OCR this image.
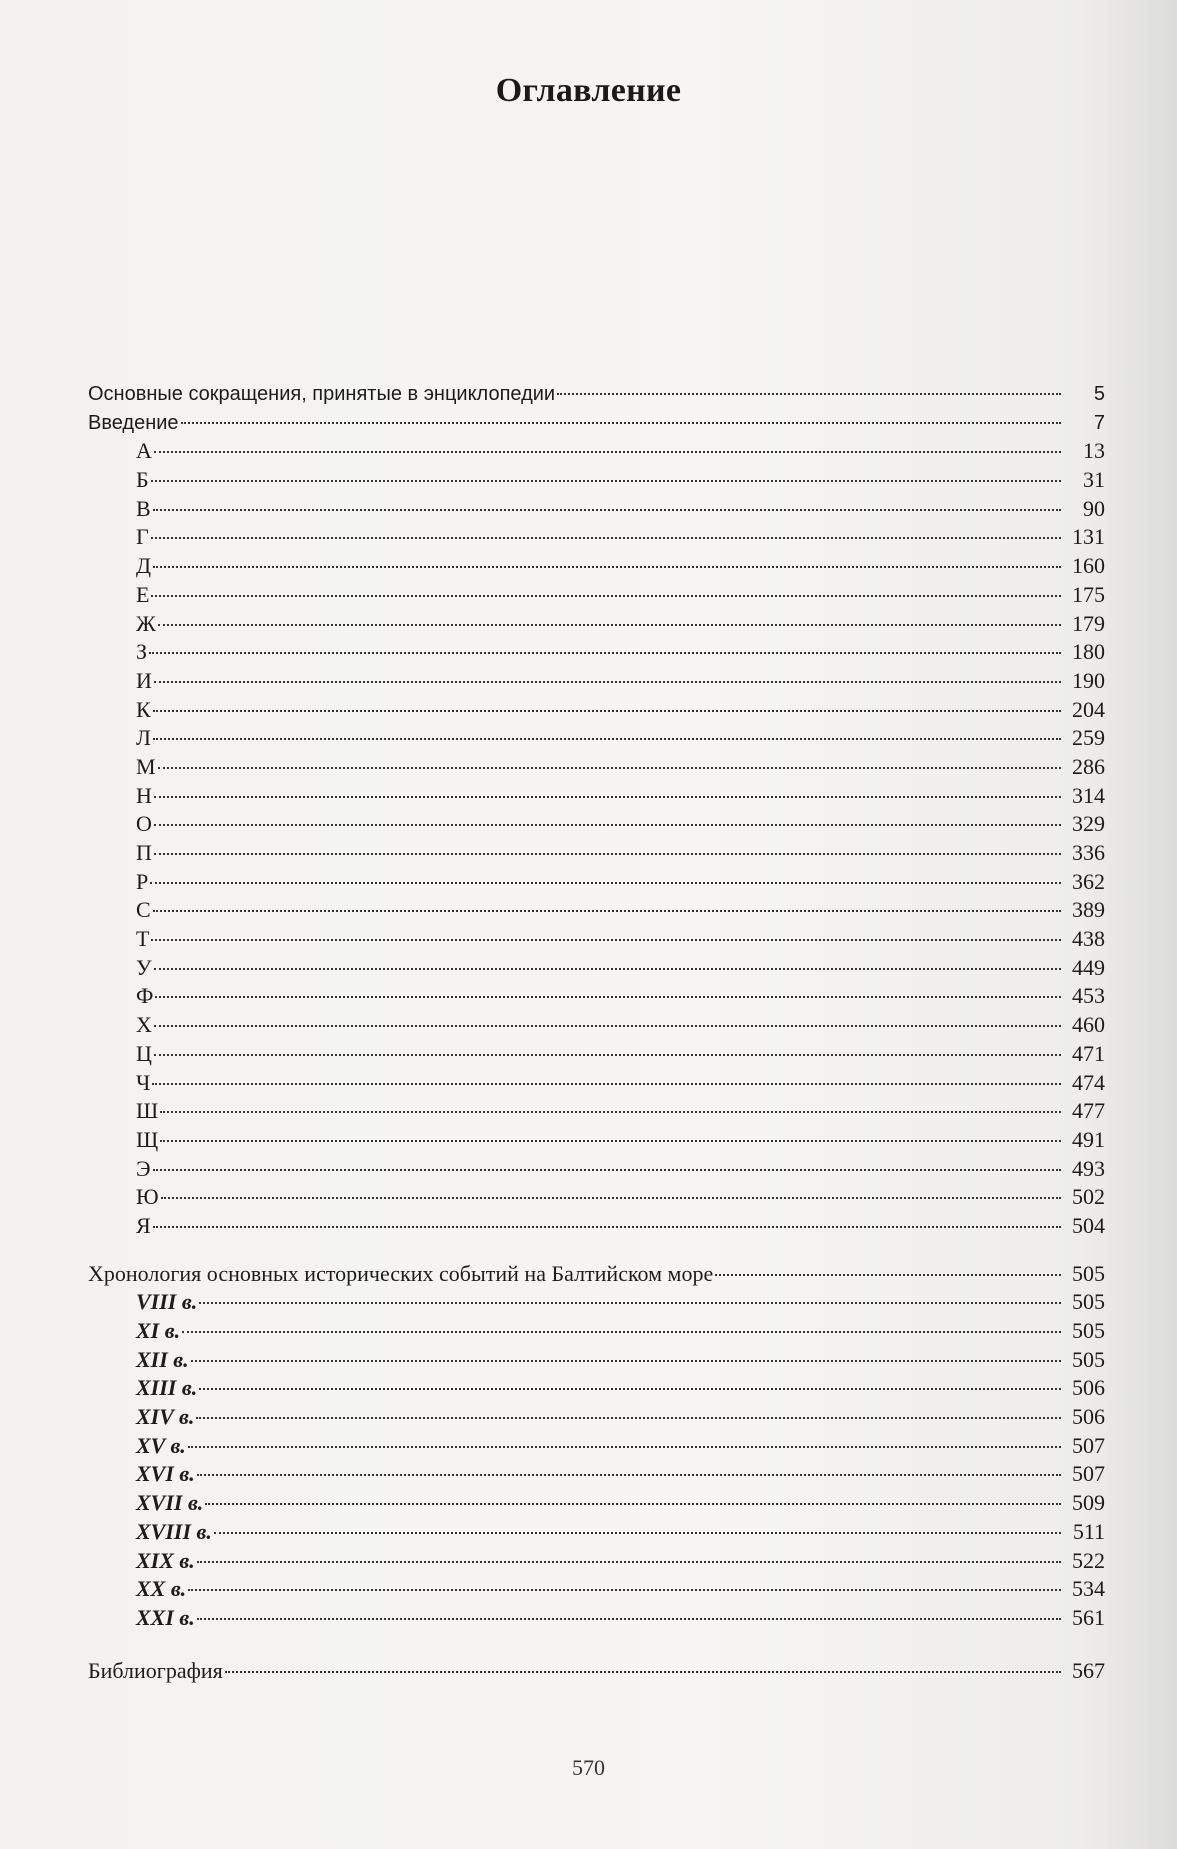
Оглавление
Основные сокращения, принятые в энциклопедии	5
Введение	7
А	13
Б	31
В	90
Г	131
Д	160
Е	175
Ж	179
З	180
И	190
К	204
Л	259
М	286
Н	314
О	329
П	336
Р	362
С	389
Т	438
У	449
Ф	453
Х	460
Ц	471
Ч	474
Ш	477
Щ	491
Э	493
Ю	502
Я	504
Хронология основных исторических событий на Балтийском море	505
VIII в.	505
XI в.	505
XII в.	505
XIII в.	506
XIV в.	506
XV в.	507
XVI в.	507
XVII в.	509
XVIII в.	511
XIX в.	522
XX в.	534
XXI в.	561
Библиография	567
570
